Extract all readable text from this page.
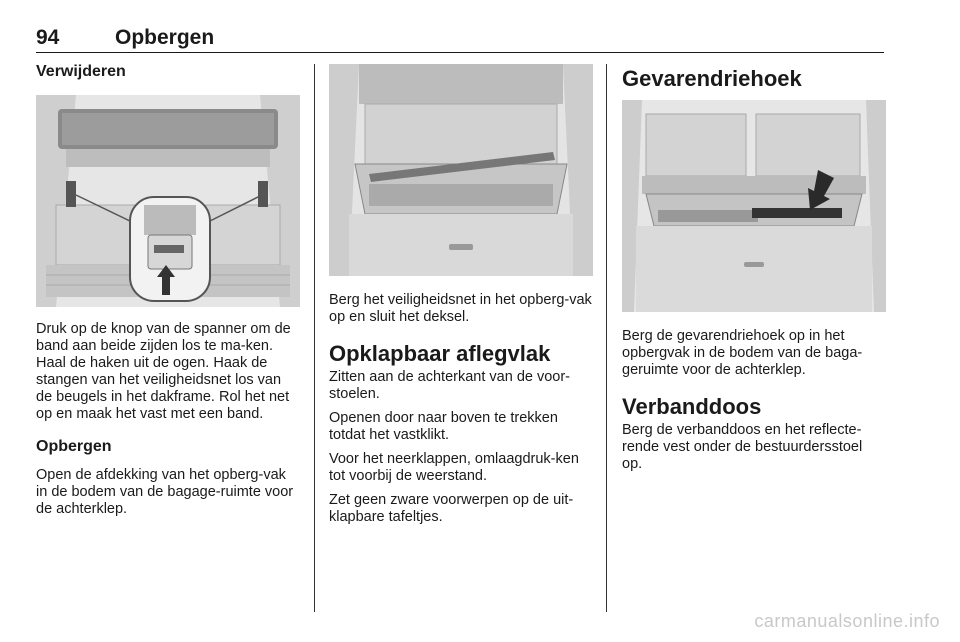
94	Opbergen
Verwijderen

Druk op de knop van de spanner om de band aan beide zijden los te ma-ken. Haal de haken uit de ogen. Haak de stangen van het veiligheidsnet los van de beugels in het dakframe. Rol het net op en maak het vast met een band.

Opbergen

Open de afdekking van het opberg-vak in de bodem van de bagage-ruimte voor de achterklep.

Berg het veiligheidsnet in het opberg-vak op en sluit het deksel.

Opklapbaar aflegvlak

Zitten aan de achterkant van de voor-stoelen.

Openen door naar boven te trekken totdat het vastklikt.

Voor het neerklappen, omlaagdruk-ken tot voorbij de weerstand.

Zet geen zware voorwerpen op de uit-klapbare tafeltjes.

Gevarendriehoek

Berg de gevarendriehoek op in het opbergvak in de bodem van de baga-geruimte voor de achterklep.

Verbanddoos

Berg de verbanddoos en het reflecte-rende vest onder de bestuurdersstoel op.

carmanualsonline.info
